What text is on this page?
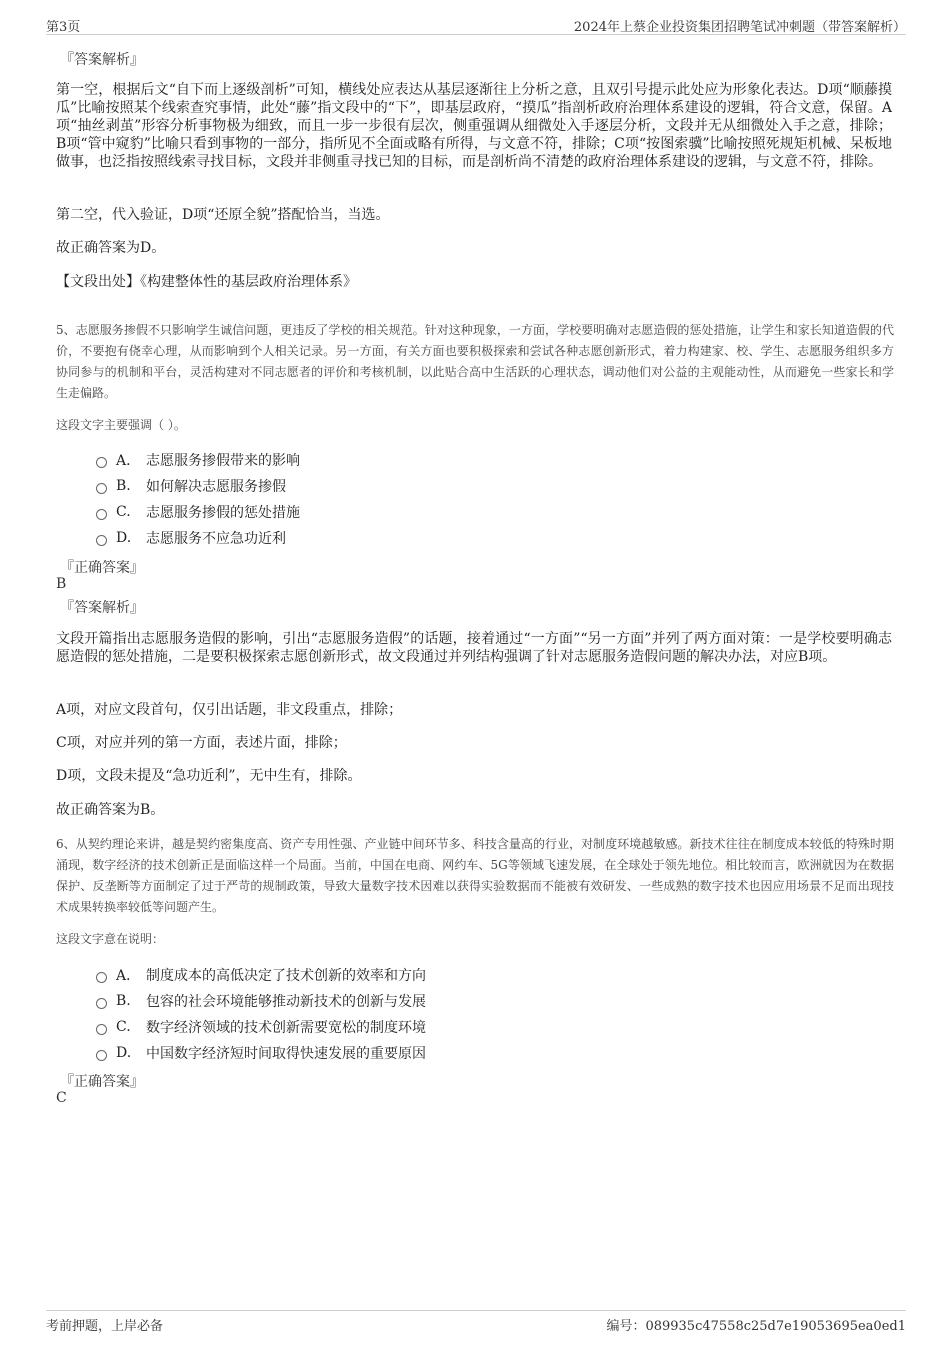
第3页	2024年上蔡企业投资集团招聘笔试冲刺题（带答案解析）
『答案解析』
第一空，根据后文“自下而上逐级剖析”可知，横线处应表达从基层逐渐往上分析之意，且双引号提示此处应为形象化表达。D项“顺藤摸瓜”比喻按照某个线索查究事情，此处“藤”指文段中的“下”，即基层政府，“摸瓜”指剖析政府治理体系建设的逻辑，符合文意，保留。A项“抽丝剥茧”形容分析事物极为细致，而且一步一步很有层次，侧重强调从细微处入手逐层分析，文段并无从细微处入手之意，排除；B项“管中窥豹”比喻只看到事物的一部分，指所见不全面或略有所得，与文意不符，排除；C项“按图索骥”比喻按照死规矩机械、呆板地做事，也泛指按照线索寻找目标，文段并非侧重寻找已知的目标，而是剖析尚不清楚的政府治理体系建设的逻辑，与文意不符，排除。
第二空，代入验证，D项“还原全貌”搭配恰当，当选。
故正确答案为D。
【文段出处】《构建整体性的基层政府治理体系》
5、志愿服务掺假不只影响学生诚信问题，更违反了学校的相关规范。针对这种现象，一方面，学校要明确对志愿造假的惩处措施，让学生和家长知道造假的代价，不要抱有侥幸心理，从而影响到个人相关记录。另一方面，有关方面也要积极探索和尝试各种志愿创新形式，着力构建家、校、学生、志愿服务组织多方协同参与的机制和平台，灵活构建对不同志愿者的评价和考核机制，以此贴合高中生活跃的心理状态，调动他们对公益的主观能动性，从而避免一些家长和学生走偏路。
这段文字主要强调（ ）。
A． 志愿服务掺假带来的影响
B.	如何解决志愿服务掺假
C.	志愿服务掺假的惩处措施
D.	志愿服务不应急功近利
『正确答案』
B
『答案解析』
文段开篇指出志愿服务造假的影响，引出“志愿服务造假”的话题，接着通过“一方面”“另一方面”并列了两方面对策：一是学校要明确志愿造假的惩处措施，二是要积极探索志愿创新形式，故文段通过并列结构强调了针对志愿服务造假问题的解决办法，对应B项。
A项，对应文段首句，仅引出话题，非文段重点，排除；
C项，对应并列的第一方面，表述片面，排除；
D项，文段未提及“急功近利”，无中生有，排除。
故正确答案为B。
6、从契约理论来讲，越是契约密集度高、资产专用性强、产业链中间环节多、科技含量高的行业，对制度环境越敏感。新技术往往在制度成本较低的特殊时期涌现，数字经济的技术创新正是面临这样一个局面。当前，中国在电商、网约车、5G等领域飞速发展，在全球处于领先地位。相比较而言，欧洲就因为在数据保护、反垄断等方面制定了过于严苛的规制政策，导致大量数字技术因难以获得实验数据而不能被有效研发、一些成熟的数字技术也因应用场景不足而出现技术成果转换率较低等问题产生。
这段文字意在说明：
A． 制度成本的高低决定了技术创新的效率和方向
B.	包容的社会环境能够推动新技术的创新与发展
C.	数字经济领域的技术创新需要宽松的制度环境
D.	中国数字经济短时间取得快速发展的重要原因
『正确答案』
C
考前押题，上岸必备	编号：089935c47558c25d7e19053695ea0ed1
